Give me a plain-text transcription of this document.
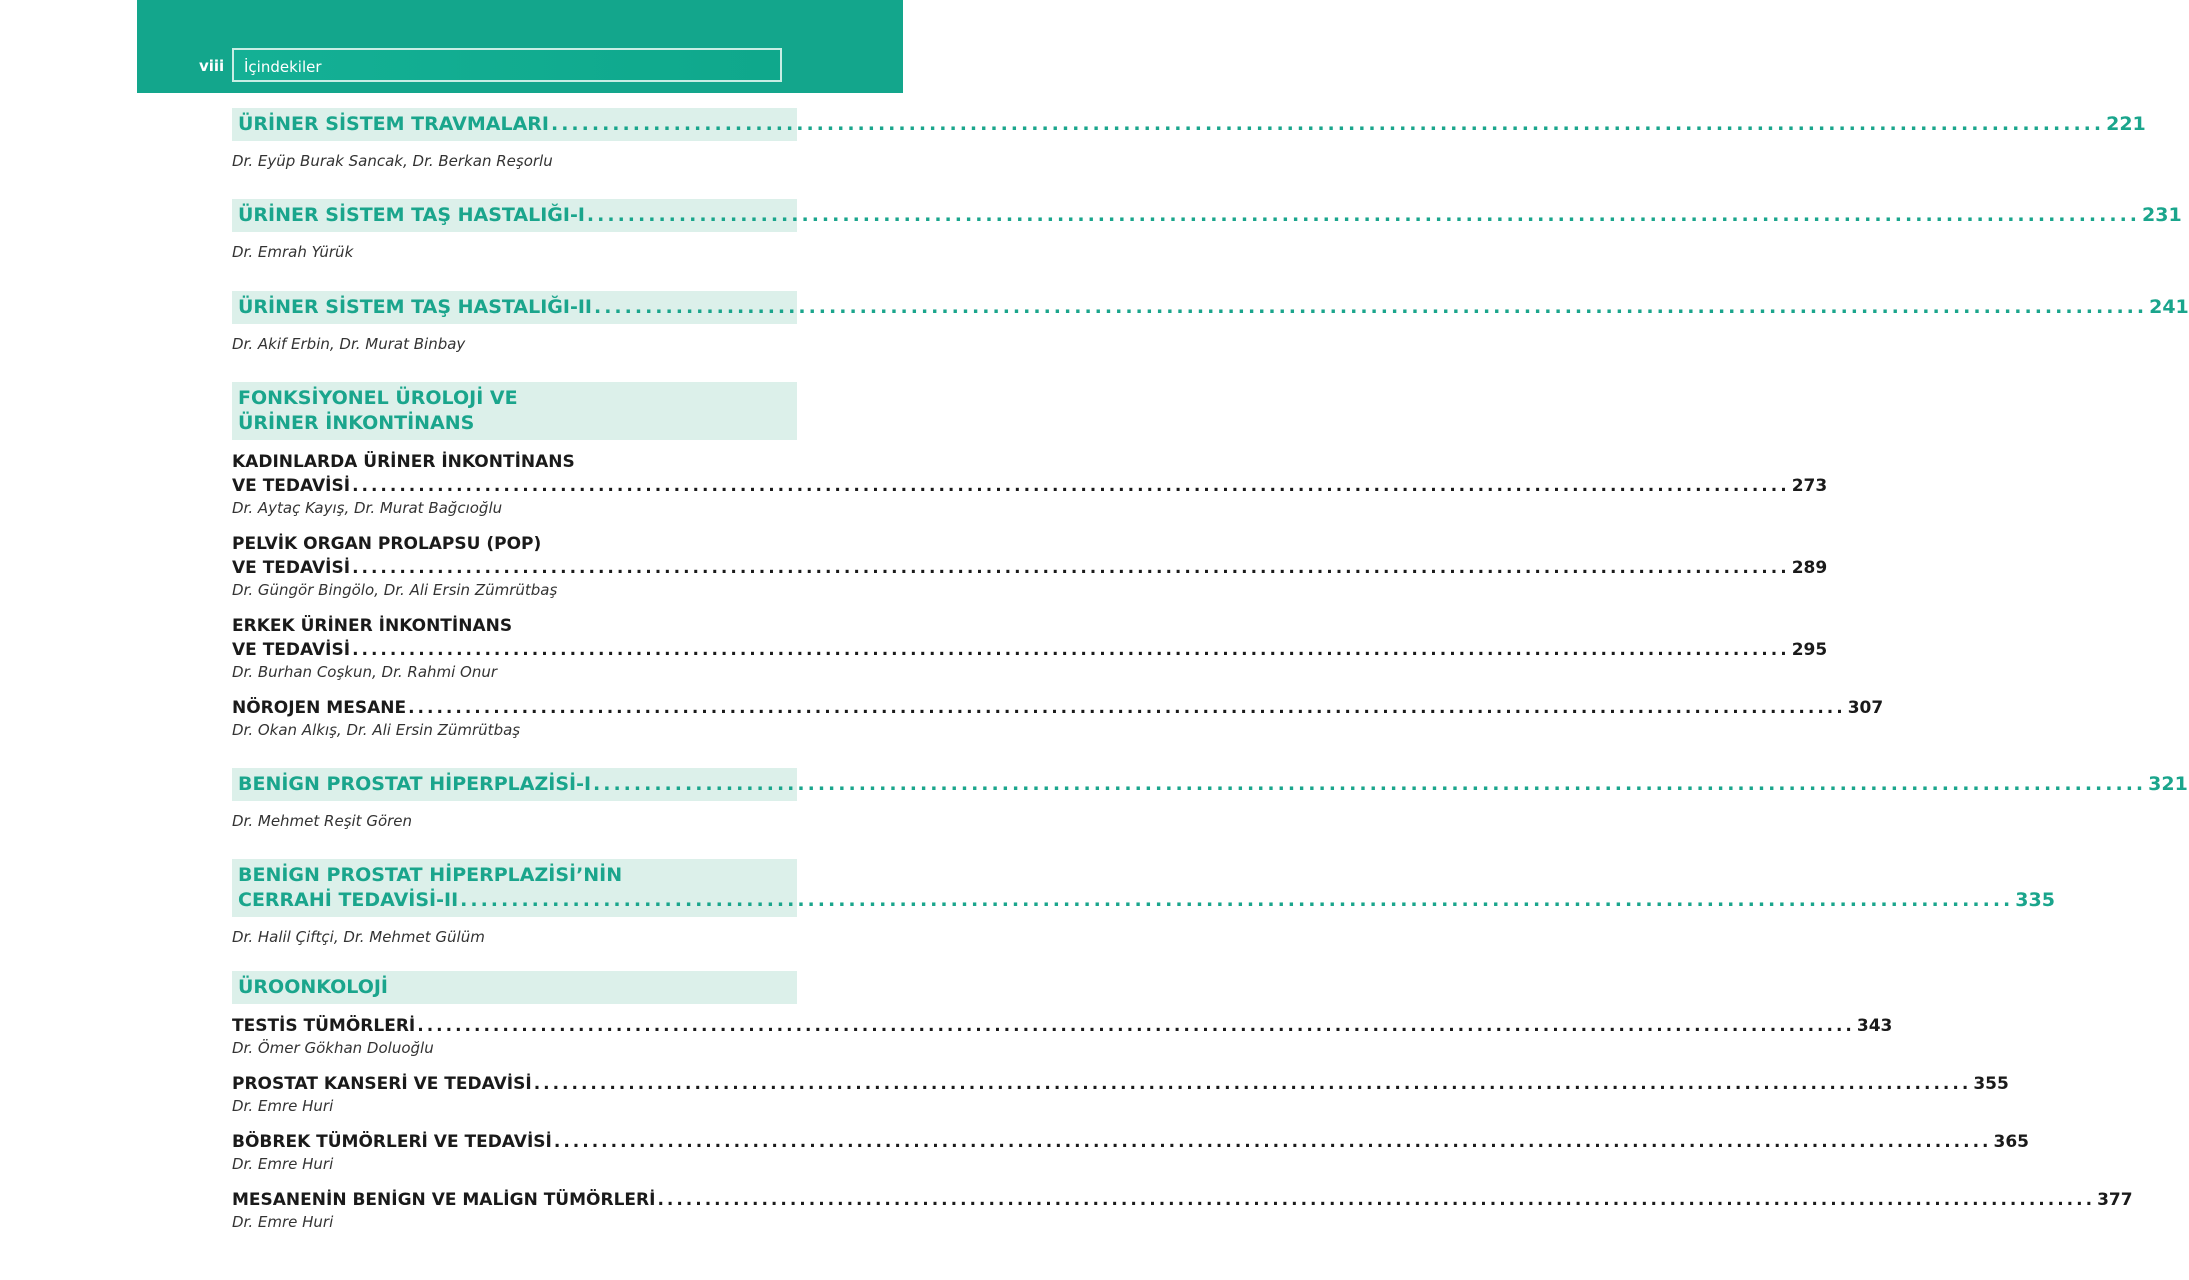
viii İçindekiler
ÜRİNER SİSTEM TRAVMALARI ........................................................................................................................................................ 221
Dr. Eyüp Burak Sancak, Dr. Berkan Reşorlu
ÜRİNER SİSTEM TAŞ HASTALIĞI-I ........................................................................................................................................................ 231
Dr. Emrah Yürük
ÜRİNER SİSTEM TAŞ HASTALIĞI-II ........................................................................................................................................................ 241
Dr. Akif Erbin, Dr. Murat Binbay
FONKSİYONEL ÜROLOJİ VE
ÜRİNER İNKONTİNANS
KADINLARDA ÜRİNER İNKONTİNANS
VE TEDAVİSİ ........................................................................................................................................................ 273
Dr. Aytaç Kayış, Dr. Murat Bağcıoğlu
PELVİK ORGAN PROLAPSU (POP)
VE TEDAVİSİ ........................................................................................................................................................ 289
Dr. Güngör Bingölo, Dr. Ali Ersin Zümrütbaş
ERKEK ÜRİNER İNKONTİNANS
VE TEDAVİSİ ........................................................................................................................................................ 295
Dr. Burhan Coşkun, Dr. Rahmi Onur
NÖROJEN MESANE ........................................................................................................................................................ 307
Dr. Okan Alkış, Dr. Ali Ersin Zümrütbaş
BENİGN PROSTAT HİPERPLAZİSİ-I ........................................................................................................................................................ 321
Dr. Mehmet Reşit Gören
BENİGN PROSTAT HİPERPLAZİSİ’NİN
CERRAHİ TEDAVİSİ-II ........................................................................................................................................................ 335
Dr. Halil Çiftçi, Dr. Mehmet Gülüm
ÜROONKOLOJİ
TESTİS TÜMÖRLERİ ........................................................................................................................................................ 343
Dr. Ömer Gökhan Doluoğlu
PROSTAT KANSERİ VE TEDAVİSİ ........................................................................................................................................................ 355
Dr. Emre Huri
BÖBREK TÜMÖRLERİ VE TEDAVİSİ ........................................................................................................................................................ 365
Dr. Emre Huri
MESANENİN BENİGN VE MALİGN TÜMÖRLERİ ........................................................................................................................................................ 377
Dr. Emre Huri
